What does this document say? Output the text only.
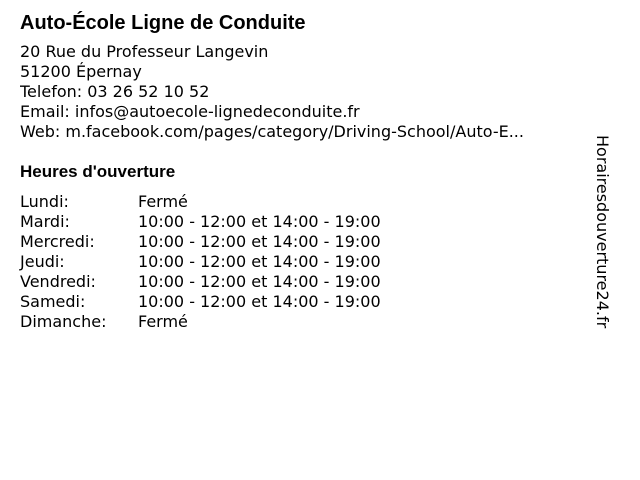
Auto-École Ligne de Conduite
20 Rue du Professeur Langevin
51200 Épernay
Telefon: 03 26 52 10 52
Email: infos@autoecole-lignedeconduite.fr
Web: m.facebook.com/pages/category/Driving-School/Auto-E...
Heures d'ouverture
Lundi:	Fermé
Mardi:	10:00 - 12:00 et 14:00 - 19:00
Mercredi:	10:00 - 12:00 et 14:00 - 19:00
Jeudi:	10:00 - 12:00 et 14:00 - 19:00
Vendredi:	10:00 - 12:00 et 14:00 - 19:00
Samedi:	10:00 - 12:00 et 14:00 - 19:00
Dimanche:	Fermé	Horairesdouverture24.fr
